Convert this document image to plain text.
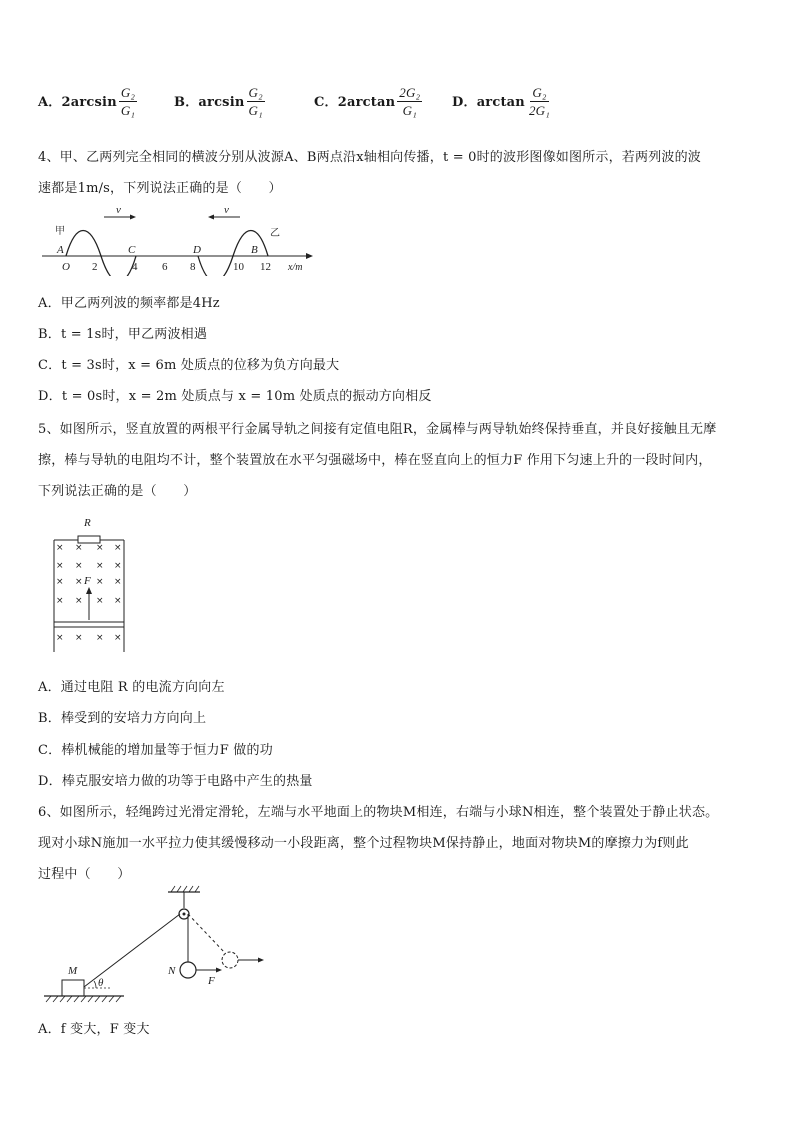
A．$2\arcsin \frac{\text{G₂}}{\text{G₁}}$	B．$\arcsin \frac{\text{G₂}}{\text{G₁}}$	C．$2\arctan \frac{\text{2G₂}}{\text{G₁}}$ D．$\arctan \frac{\text{G₂}}{\text{2G₁}}$
4、甲、乙两列完全相同的横波分别从波源A、B两点沿x轴相向传播，t = 0时的波形图像如图所示，若两列波的波
速都是1m/s，下列说法正确的是（　　）
v	v
甲	乙
A	C	D	B
O 2	4 6 8	10 12 x/m
A．甲乙两列波的频率都是4Hz
B．t = 1s时，甲乙两波相遇
C．t = 3s时，x = 6m 处质点的位移为负方向最大
D．t = 0s时，x = 2m 处质点与 x = 10m 处质点的振动方向相反
5、如图所示，竖直放置的两根平行金属导轨之间接有定值电阻R，金属棒与两导轨始终保持垂直，并良好接触且无摩
擦，棒与导轨的电阻均不计，整个装置放在水平匀强磁场中，棒在竖直向上的恒力F 作用下匀速上升的一段时间内，
下列说法正确的是（　　）
R
F
× × × ×
× × × ×
× × × ×
× × × ×
× × × ×
A．通过电阻 R 的电流方向向左
B．棒受到的安培力方向向上
C．棒机械能的增加量等于恒力F 做的功
D．棒克服安培力做的功等于电路中产生的热量
6、如图所示，轻绳跨过光滑定滑轮，左端与水平地面上的物块M相连，右端与小球N相连，整个装置处于静止状态。
现对小球N施加一水平拉力使其缓慢移动一小段距离，整个过程物块M保持静止，地面对物块M的摩擦力为f则此
过程中（　　）
N
F
M
θ
A．f 变大，F 变大
